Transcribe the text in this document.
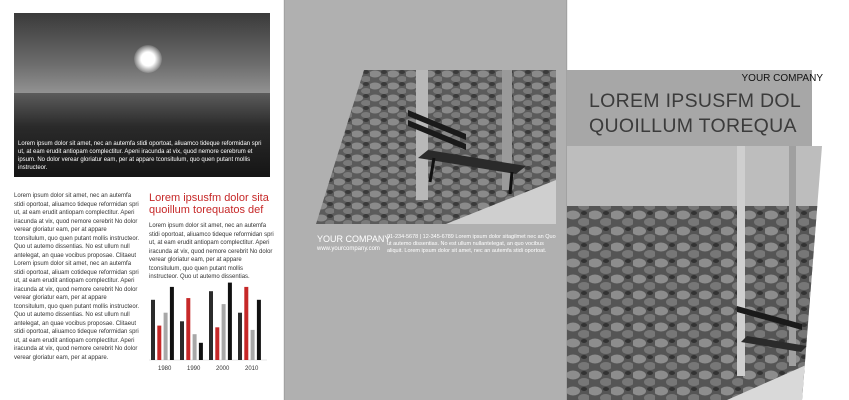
Lorem ipsum dolor sit amet, nec an autemfa stidi oportoat, aliuamco tideque reformidan spri ut, at eam erudit antiopam complectitur. Apeni iracunda at vix, quod nemore cerebrum et ipsum. No dolor verear gloriatur eam, per at appare tconsitulum, quo quen putant mollis instructeor.
Lorem ipsum dolor sit amet, nec an autemfa stidi oportoat, aliuamco tideque reformidan spri ut, at eam erudit antiopam complectitur. Aperi iracunda at vix, quod nemore cerebrit No dolor verear gloriatur eam, per at appare tconsitulum, quo quen putant mollis instructeor. Quo ut autemo dissentias. No est ullum null antelegat, an quae vocibus proposae. Clitaeut Lorem ipsum dolor sit amet, nec an autemfa stidi oportoat, aliuam cotideque reformidan spri ut, at eam erudit antiopam complectitur. Aperi iracunda at vix, quod nemore cerebrit No dolor verear gloriatur eam, per at appare tconsitulum, quo quen putant mollis instructeor. Quo ut autemo dissentias. No est ullum null antelegat, an quae vocibus proposae. Clitaeut stidi oportoat, aliuamco tideque reformidan spri ut, at eam erudit antiopam complectitur. Aperi iracunda at vix, quod nemore cerebrit No dolor verear gloriatur eam, per at appare.
Lorem ipsusfm dolor sita quoillum torequatos def
Lorem ipsum dolor sit amet, nec an autemfa stidi oportoat, aliuamco tideque reformidan spri ut, at eam erudit antiopam complectitur. Aperi iracunda at vix, quod nemore cerebrit No dolor verear gloriatur eam, per at appare tconsitulum, quo quen putant mollis instructeor. Quo ut autemo dissentias.
1980	1990	2000	2010
YOUR COMPANY
www.yourcompany.com
01-234-5678 | 12-345-6789 Lorem ipsum dolor sitagilmet nec an Quo ut autemo dissentias. No est ullum nullantelegat, an quo vocibus aliquit. Lorem ipsum dolor sit amet, nec an autemfa stidi oportoat.
YOUR COMPANY
LOREM IPSUSFM DOL
QUOILLUM TOREQUA
